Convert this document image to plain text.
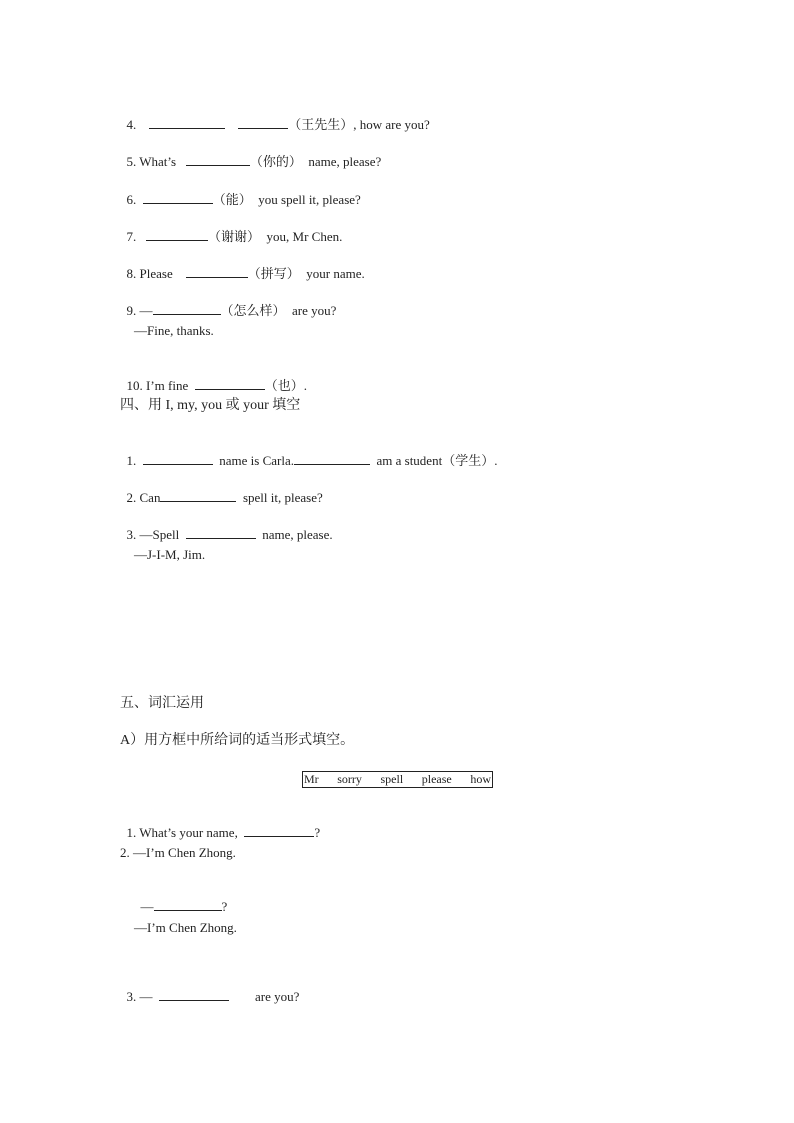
4.	（王先生）, how are you?

5. What’s	（你的） name, please?

6.	（能） you spell it, please?

7.	（谢谢） you, Mr Chen.

8. Please	（拼写） your name.

9. —	（怎么样） are you?

—Fine, thanks.

10. I’m fine	（也）.

四、用 I, my, you 或 your 填空

1.	name is Carla.	am a student（学生）.

2. Can	spell it, please?

3. —Spell	name, please.

—J-I-M, Jim.
五、词汇运用
A）用方框中所给词的适当形式填空。
Mr sorry spell please how

1. What’s your name,	?

2. —I’m Chen Zhong.

—	?

—I’m Chen Zhong.

3. —	are you?
